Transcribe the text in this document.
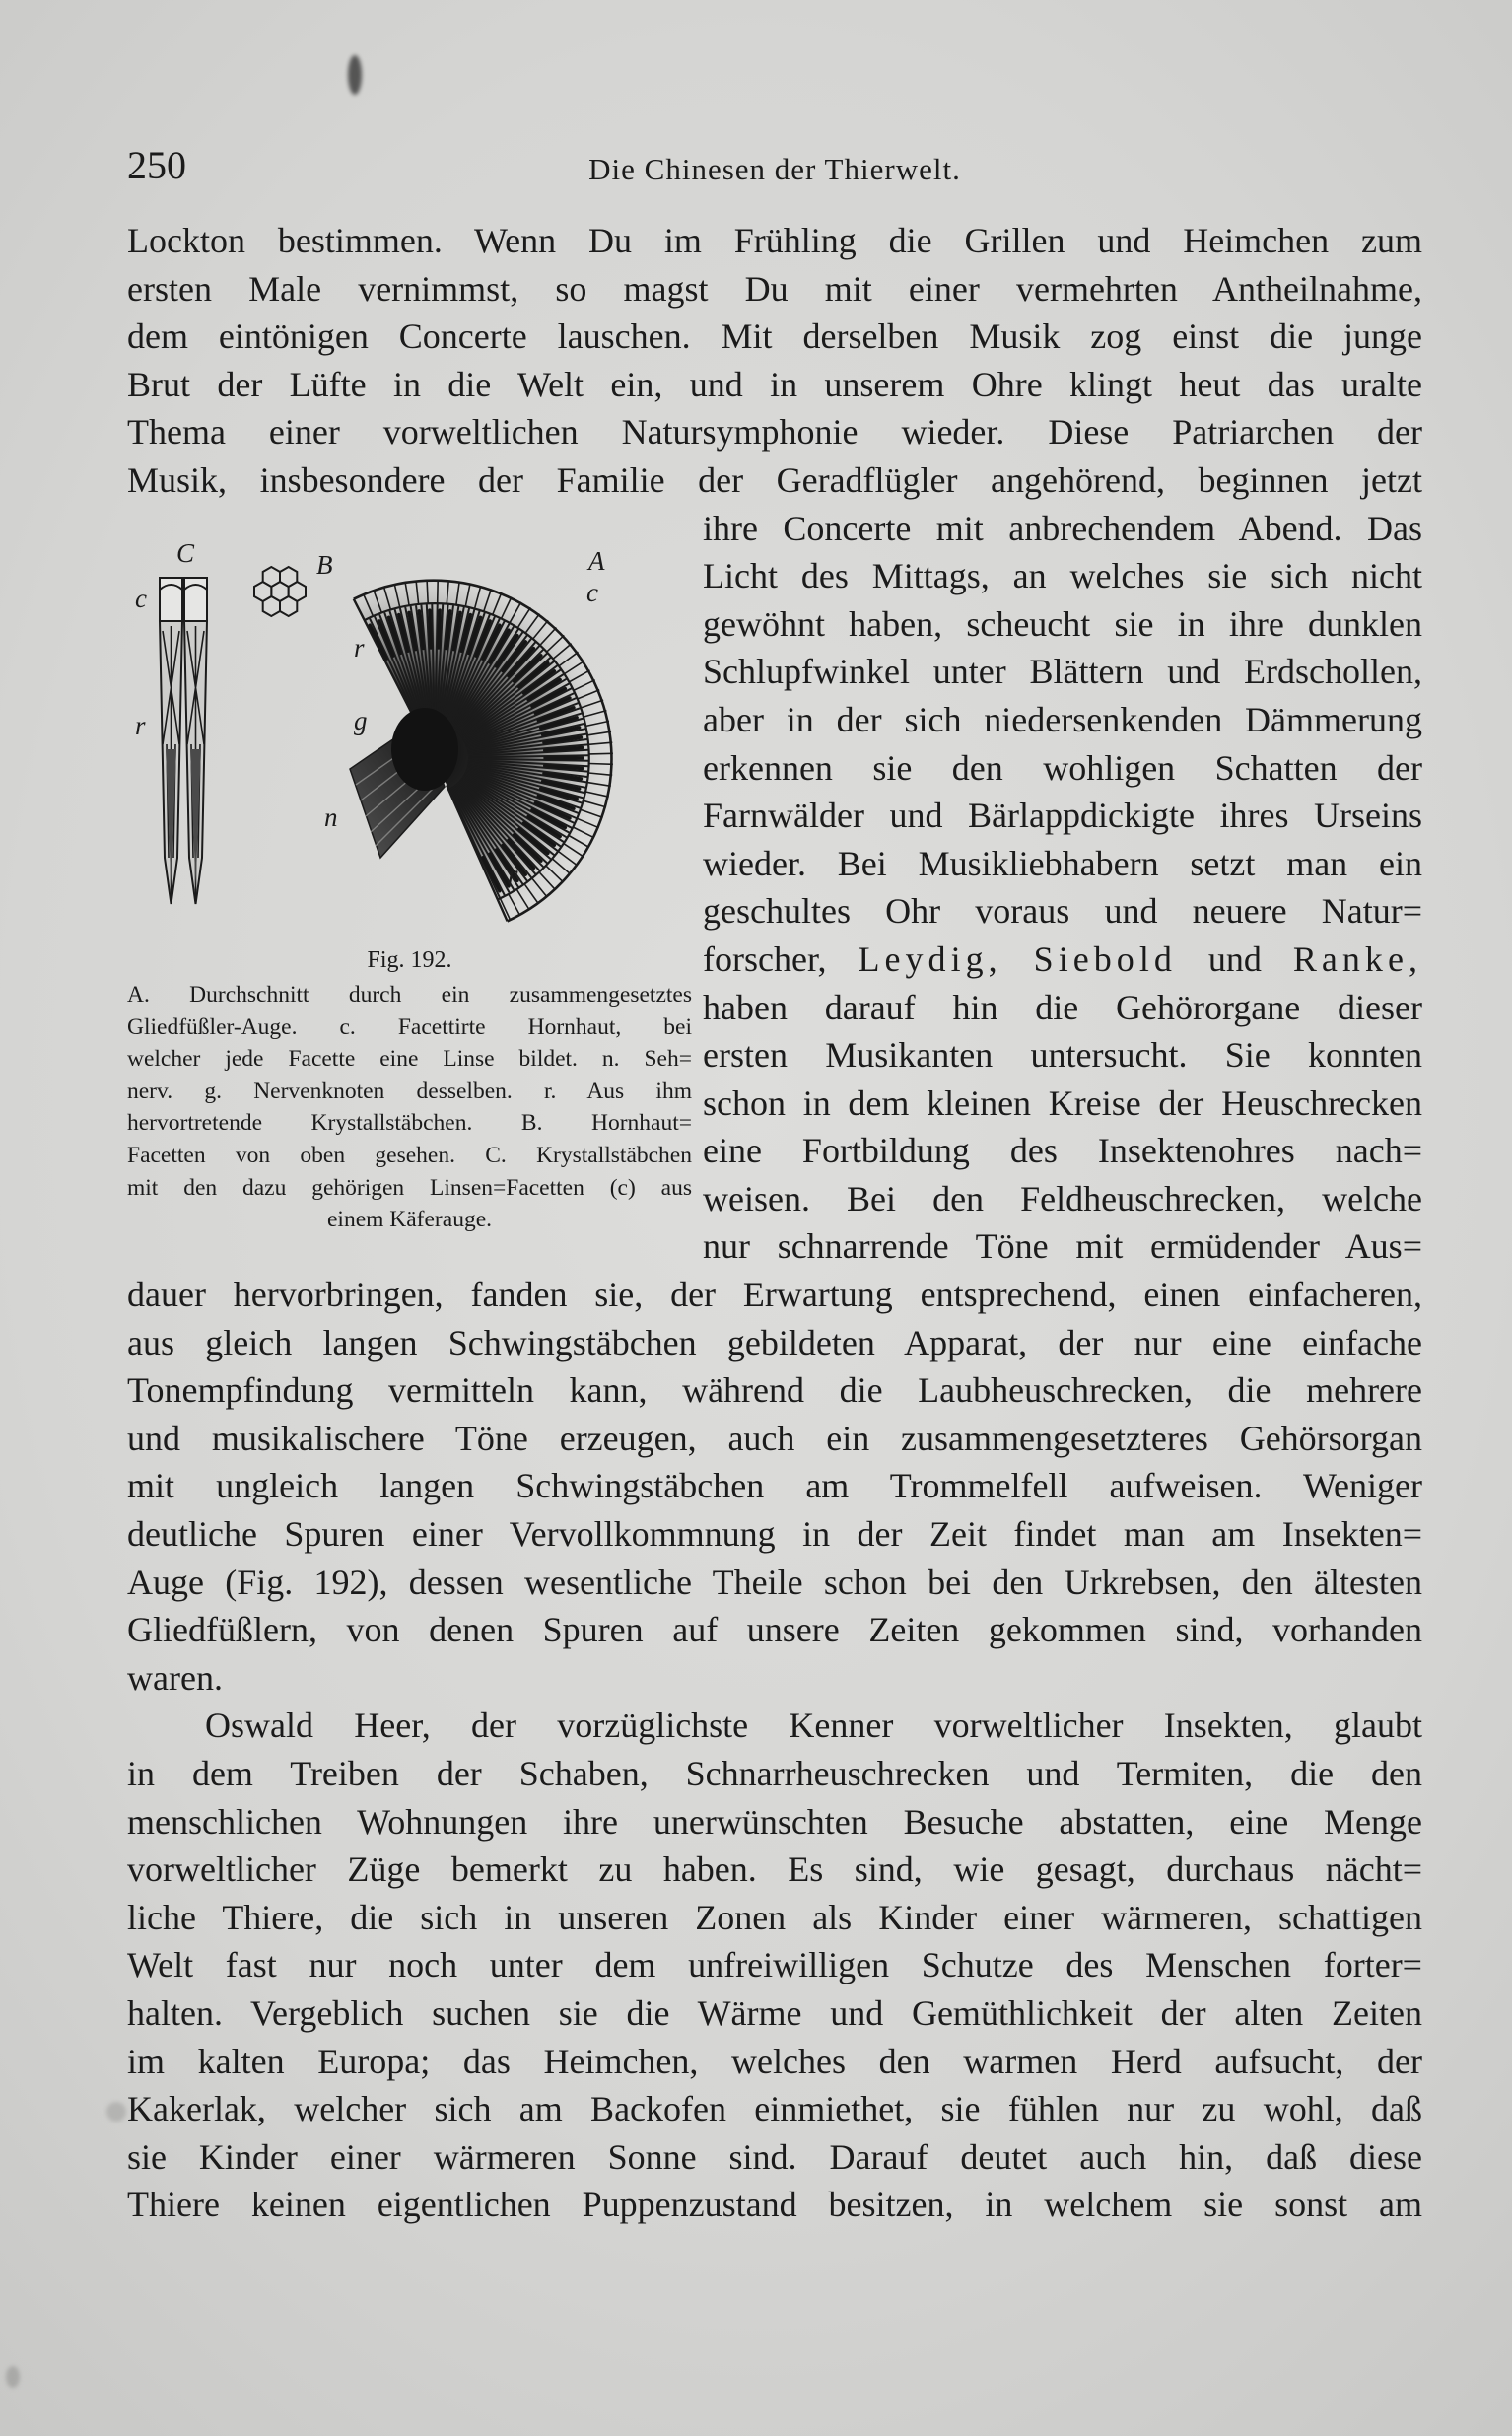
250	Die Chinesen der Thierwelt.
Lockton bestimmen. Wenn Du im Frühling die Grillen und Heimchen zum
ersten Male vernimmst, so magst Du mit einer vermehrten Antheilnahme,
dem eintönigen Concerte lauschen. Mit derselben Musik zog einst die junge
Brut der Lüfte in die Welt ein, und in unserem Ohre klingt heut das uralte
Thema einer vorweltlichen Natursymphonie wieder. Diese Patriarchen der
Musik, insbesondere der Familie der Geradflügler angehörend, beginnen jetzt
ihre Concerte mit anbrechendem Abend. Das
Licht des Mittags, an welches sie sich nicht
gewöhnt haben, scheucht sie in ihre dunklen
Schlupfwinkel unter Blättern und Erdschollen,
aber in der sich niedersenkenden Dämmerung
erkennen sie den wohligen Schatten der
Farnwälder und Bärlappdickigte ihres Urseins
wieder. Bei Musikliebhabern setzt man ein
geschultes Ohr voraus und neuere Natur=
forscher, Leydig, Siebold und Ranke,
haben darauf hin die Gehörorgane dieser
ersten Musikanten untersucht. Sie konnten
schon in dem kleinen Kreise der Heuschrecken
eine Fortbildung des Insektenohres nach=
weisen. Bei den Feldheuschrecken, welche
nur schnarrende Töne mit ermüdender Aus=
dauer hervorbringen, fanden sie, der Erwartung entsprechend, einen einfacheren,
aus gleich langen Schwingstäbchen gebildeten Apparat, der nur eine einfache
Tonempfindung vermitteln kann, während die Laubheuschrecken, die mehrere
und musikalischere Töne erzeugen, auch ein zusammengesetzteres Gehörsorgan
mit ungleich langen Schwingstäbchen am Trommelfell aufweisen. Weniger
deutliche Spuren einer Vervollkommnung in der Zeit findet man am Insekten=
Auge (Fig. 192), dessen wesentliche Theile schon bei den Urkrebsen, den ältesten
Gliedfüßlern, von denen Spuren auf unsere Zeiten gekommen sind, vorhanden
waren.
Oswald Heer, der vorzüglichste Kenner vorweltlicher Insekten, glaubt
in dem Treiben der Schaben, Schnarrheuschrecken und Termiten, die den
menschlichen Wohnungen ihre unerwünschten Besuche abstatten, eine Menge
vorweltlicher Züge bemerkt zu haben. Es sind, wie gesagt, durchaus nächt=
liche Thiere, die sich in unseren Zonen als Kinder einer wärmeren, schattigen
Welt fast nur noch unter dem unfreiwilligen Schutze des Menschen forter=
halten. Vergeblich suchen sie die Wärme und Gemüthlichkeit der alten Zeiten
im kalten Europa; das Heimchen, welches den warmen Herd aufsucht, der
Kakerlak, welcher sich am Backofen einmiethet, sie fühlen nur zu wohl, daß
sie Kinder einer wärmeren Sonne sind. Darauf deutet auch hin, daß diese
Thiere keinen eigentlichen Puppenzustand besitzen, in welchem sie sonst am
C
c
r
B	A
c
r
g
n
r
Fig. 192.
A. Durchschnitt durch ein zusammengesetztes
Gliedfüßler-Auge. c. Facettirte Hornhaut, bei
welcher jede Facette eine Linse bildet. n. Seh=
nerv. g. Nervenknoten desselben. r. Aus ihm
hervortretende Krystallstäbchen. B. Hornhaut=
Facetten von oben gesehen. C. Krystallstäbchen
mit den dazu gehörigen Linsen=Facetten (c) aus
einem Käferauge.
